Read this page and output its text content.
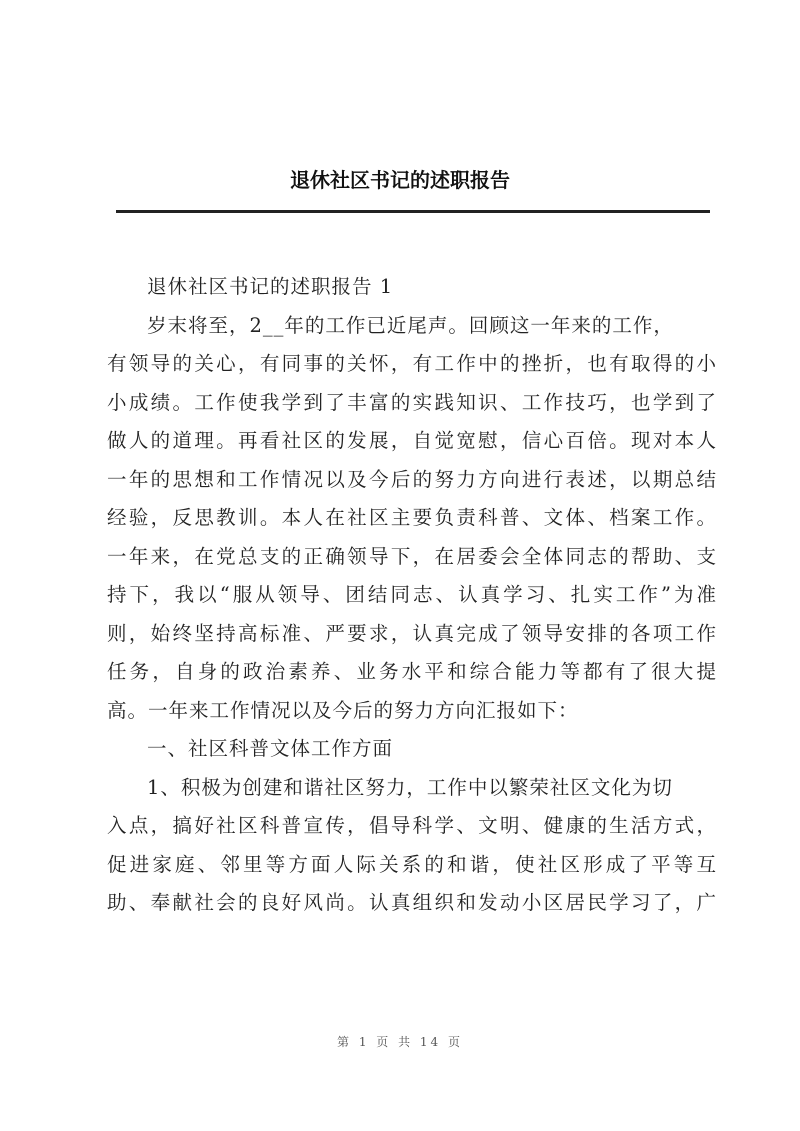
退休社区书记的述职报告
退休社区书记的述职报告 1
岁末将至，2__年的工作已近尾声。回顾这一年来的工作，
有领导的关心，有同事的关怀，有工作中的挫折，也有取得的小
小成绩。工作使我学到了丰富的实践知识、工作技巧，也学到了
做人的道理。再看社区的发展，自觉宽慰，信心百倍。现对本人
一年的思想和工作情况以及今后的努力方向进行表述，以期总结
经验，反思教训。本人在社区主要负责科普、文体、档案工作。
一年来，在党总支的正确领导下，在居委会全体同志的帮助、支
持下，我以“服从领导、团结同志、认真学习、扎实工作”为准
则，始终坚持高标准、严要求，认真完成了领导安排的各项工作
任务，自身的政治素养、业务水平和综合能力等都有了很大提
高。一年来工作情况以及今后的努力方向汇报如下：
一、社区科普文体工作方面
1、积极为创建和谐社区努力，工作中以繁荣社区文化为切
入点，搞好社区科普宣传，倡导科学、文明、健康的生活方式，
促进家庭、邻里等方面人际关系的和谐，使社区形成了平等互
助、奉献社会的良好风尚。认真组织和发动小区居民学习了，广
第 1 页 共 14 页
